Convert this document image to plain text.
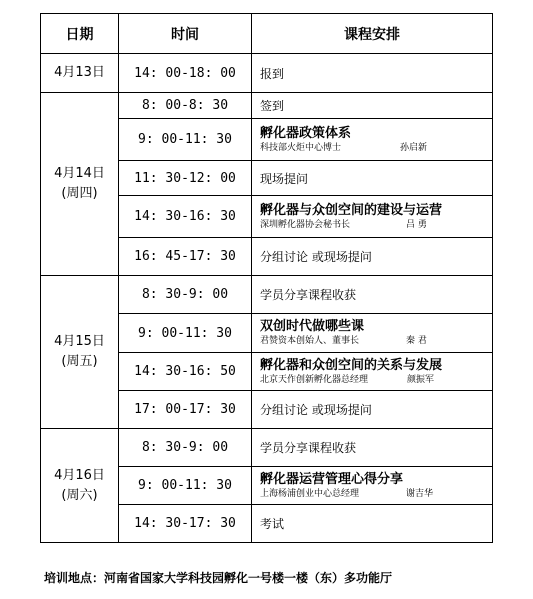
日期	时间	课程安排
4月13日	14: 00-18: 00	报到

4月14日
(周四)	8: 00-8: 30	签到
	9: 00-11: 30	孵化器政策体系
科技部火炬中心博士 孙启新

	11: 30-12: 00	现场提问
	14: 30-16: 30	孵化器与众创空间的建设与运营
深圳孵化器协会秘书长 吕 勇

	16: 45-17: 30	分组讨论 或现场提问

4月15日
(周五)	8: 30-9: 00	学员分享课程收获
	9: 00-11: 30	双创时代做哪些课
君赞资本创始人、董事长 秦 君

	14: 30-16: 50	孵化器和众创空间的关系与发展
北京天作创新孵化器总经理 颜振军

	17: 00-17: 30	分组讨论 或现场提问

4月16日
(周六)	8: 30-9: 00	学员分享课程收获
	9: 00-11: 30	孵化器运营管理心得分享
上海杨浦创业中心总经理 谢吉华

	14: 30-17: 30	考试
培训地点：河南省国家大学科技园孵化一号楼一楼（东）多功能厅
